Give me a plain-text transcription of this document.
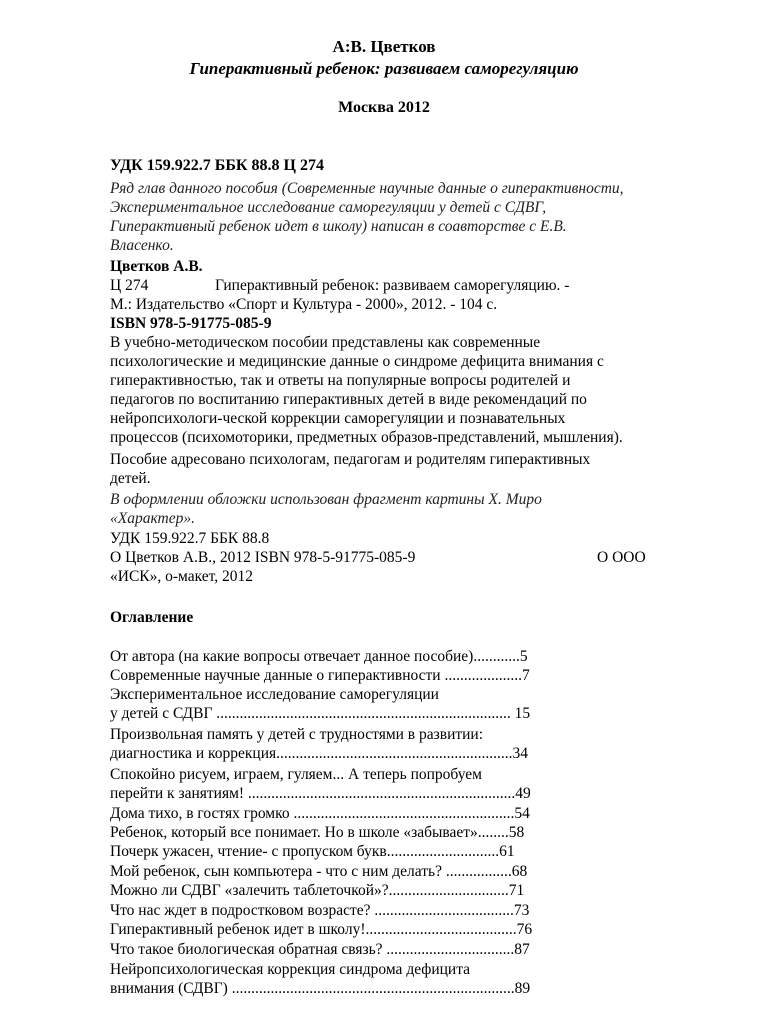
А:В. Цветков
Гиперактивный ребенок: развиваем саморегуляцию
Москва 2012
УДК 159.922.7 ББК 88.8 Ц 274
Ряд глав данного пособия (Современные научные данные о гиперактивности,
Экспериментальное исследование саморегуляции у детей с СДВГ,
Гиперактивный ребенок идет в школу) написан в соавторстве с Е.В.
Власенко.
Цветков А.В.
Ц 274	Гиперактивный ребенок: развиваем саморегуляцию. -
М.: Издательство «Спорт и Культура - 2000», 2012. - 104 с.
ISBN 978-5-91775-085-9
В учебно-методическом пособии представлены как современные
психологические и медицинские данные о синдроме дефицита внимания с
гиперактивностью, так и ответы на популярные вопросы родителей и
педагогов по воспитанию гиперактивных детей в виде рекомендаций по
нейропсихологи-ческой коррекции саморегуляции и познавательных
процессов (психомоторики, предметных образов-представлений, мышления).
Пособие адресовано психологам, педагогам и родителям гиперактивных
детей.
В оформлении обложки использован фрагмент картины X. Миро
«Характер».
УДК 159.922.7 ББК 88.8
О Цветков А.В., 2012 ISBN 978-5-91775-085-9	О ООО
«ИСК», о-макет, 2012
Оглавление
От автора (на какие вопросы отвечает данное пособие)............5
Современные научные данные о гиперактивности ....................7
Экспериментальное исследование саморегуляции
у детей с СДВГ ............................................................................ 15
Произвольная память у детей с трудностями в развитии:
диагностика и коррекция.............................................................34
Спокойно рисуем, играем, гуляем... А теперь попробуем
перейти к занятиям! .....................................................................49
Дома тихо, в гостях громко .........................................................54
Ребенок, который все понимает. Но в школе «забывает»........58
Почерк ужасен, чтение- с пропуском букв.............................61
Мой ребенок, сын компьютера - что с ним делать? .................68
Можно ли СДВГ «залечить таблеточкой»?...............................71
Что нас ждет в подростковом возрасте? ....................................73
Гиперактивный ребенок идет в школу!.......................................76
Что такое биологическая обратная связь? .................................87
Нейропсихологическая коррекция синдрома дефицита
внимания (СДВГ) .........................................................................89
